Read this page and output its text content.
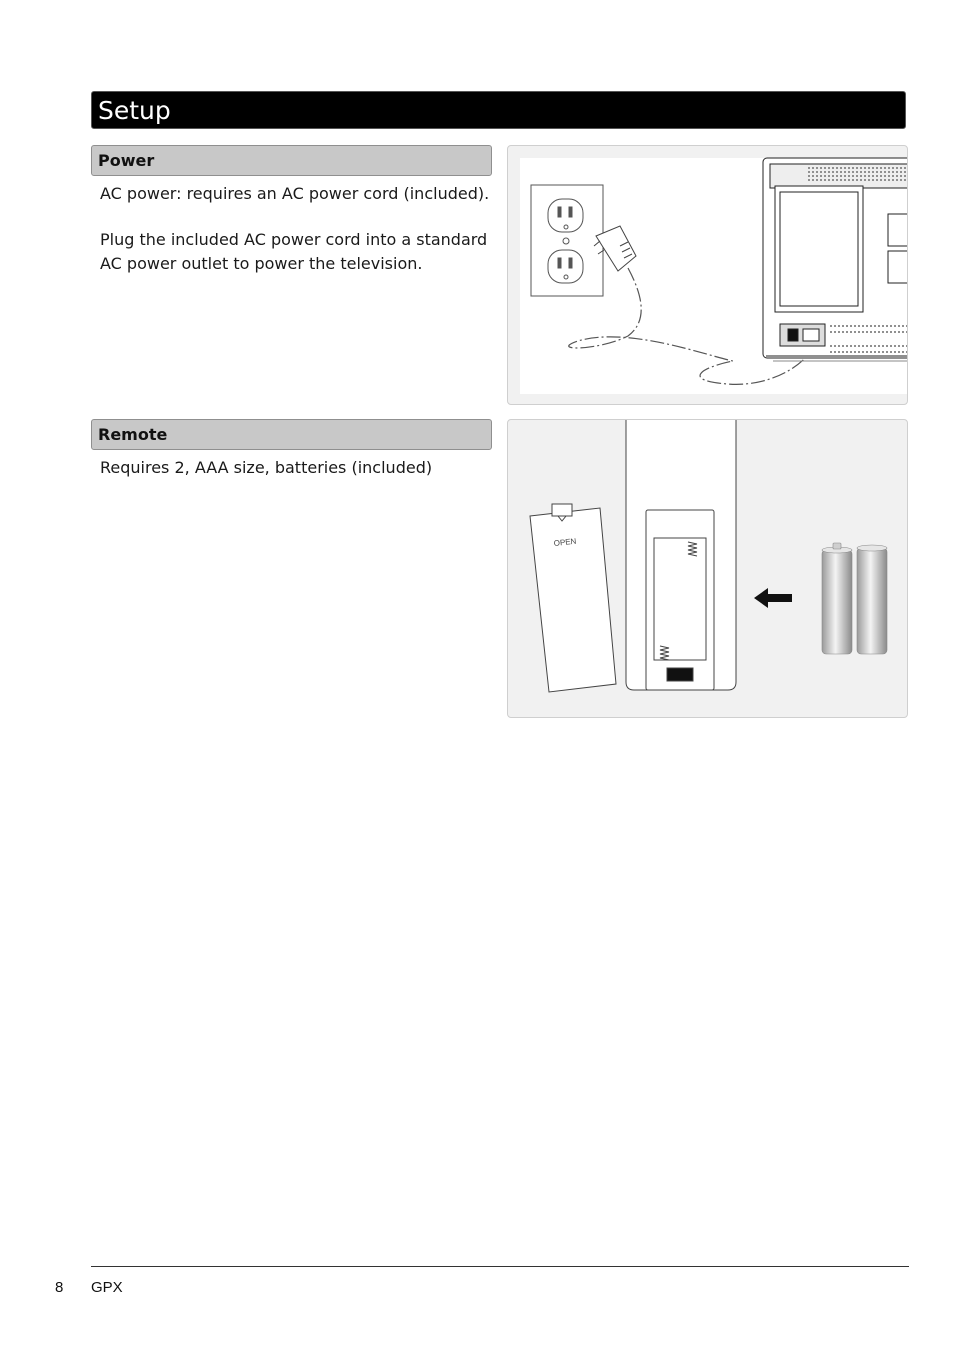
Setup
Power
AC power: requires an AC power cord (included).
Plug the included AC power cord into a standard AC power outlet to power the television.
Remote
Requires 2, AAA size, batteries (included)
OPEN
8 GPX
